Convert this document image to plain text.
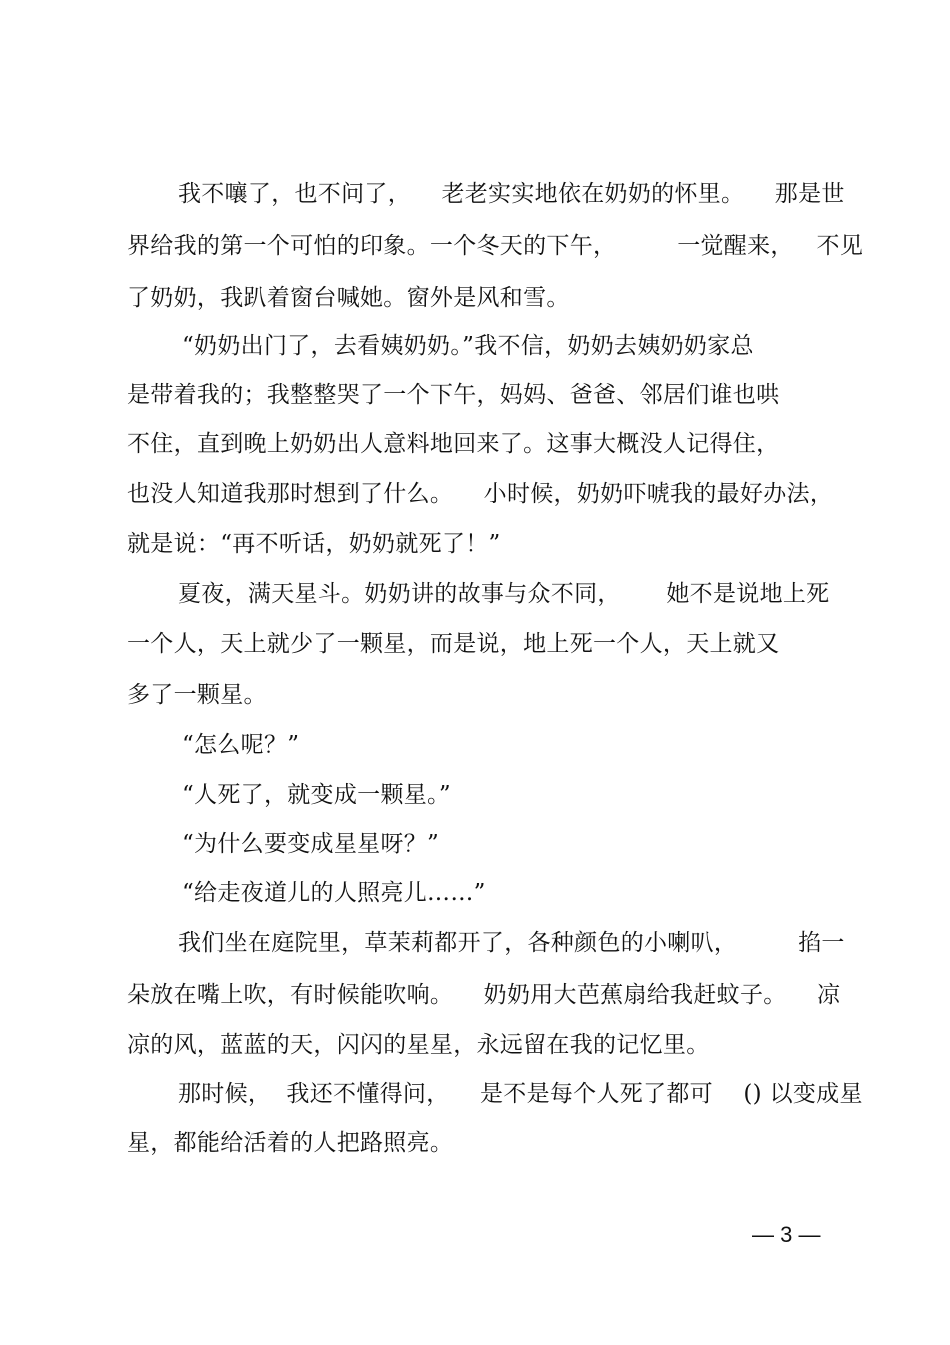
我不嚷了，也不问了，    老老实实地依在奶奶的怀里。    那是世
界给我的第一个可怕的印象。一个冬天的下午，        一觉醒来，   不见
了奶奶，我趴着窗台喊她。窗外是风和雪。
“奶奶出门了，去看姨奶奶。”我不信，奶奶去姨奶奶家总
是带着我的；我整整哭了一个下午，妈妈、爸爸、邻居们谁也哄
不住，直到晚上奶奶出人意料地回来了。这事大概没人记得住，
也没人知道我那时想到了什么。    小时候，奶奶吓唬我的最好办法，
就是说：“再不听话，奶奶就死了！”
夏夜，满天星斗。奶奶讲的故事与众不同，      她不是说地上死
一个人，天上就少了一颗星，而是说，地上死一个人，天上就又
多了一颗星。
“怎么呢？”
“人死了，就变成一颗星。”
“为什么要变成星星呀？”
“给走夜道儿的人照亮儿……”
我们坐在庭院里，草茉莉都开了，各种颜色的小喇叭，        掐一
朵放在嘴上吹，有时候能吹响。    奶奶用大芭蕉扇给我赶蚊子。    凉
凉的风，蓝蓝的天，闪闪的星星，永远留在我的记忆里。
那时候，  我还不懂得问，    是不是每个人死了都可    () 以变成星
星，都能给活着的人把路照亮。
— 3 —
